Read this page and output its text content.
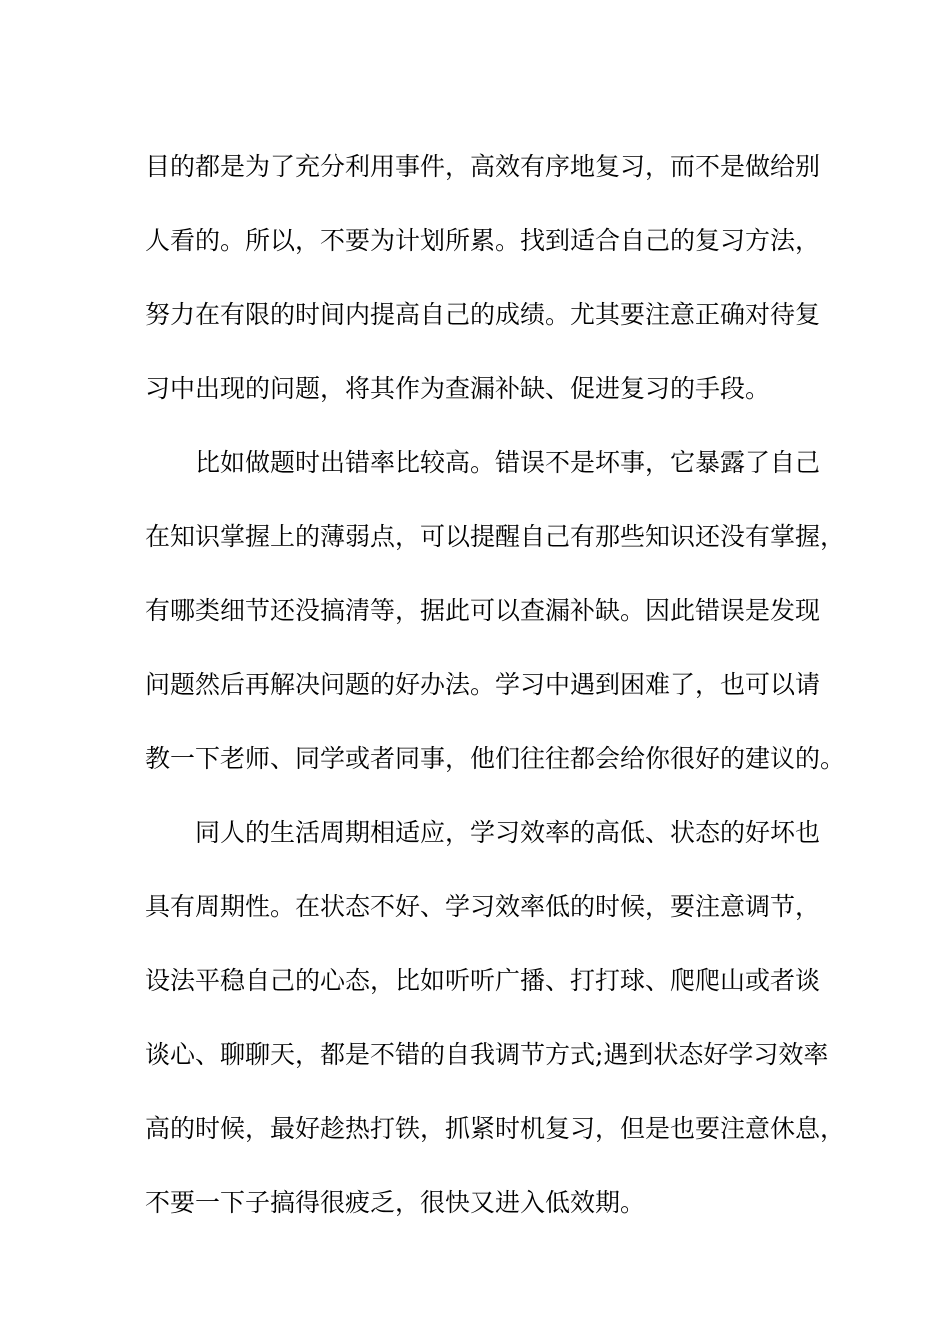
目的都是为了充分利用事件，高效有序地复习，而不是做给别
人看的。所以，不要为计划所累。找到适合自己的复习方法，
努力在有限的时间内提高自己的成绩。尤其要注意正确对待复
习中出现的问题，将其作为查漏补缺、促进复习的手段。
比如做题时出错率比较高。错误不是坏事，它暴露了自己
在知识掌握上的薄弱点，可以提醒自己有那些知识还没有掌握，
有哪类细节还没搞清等，据此可以查漏补缺。因此错误是发现
问题然后再解决问题的好办法。学习中遇到困难了，也可以请
教一下老师、同学或者同事，他们往往都会给你很好的建议的。
同人的生活周期相适应，学习效率的高低、状态的好坏也
具有周期性。在状态不好、学习效率低的时候，要注意调节，
设法平稳自己的心态，比如听听广播、打打球、爬爬山或者谈
谈心、聊聊天，都是不错的自我调节方式;遇到状态好学习效率
高的时候，最好趁热打铁，抓紧时机复习，但是也要注意休息，
不要一下子搞得很疲乏，很快又进入低效期。
